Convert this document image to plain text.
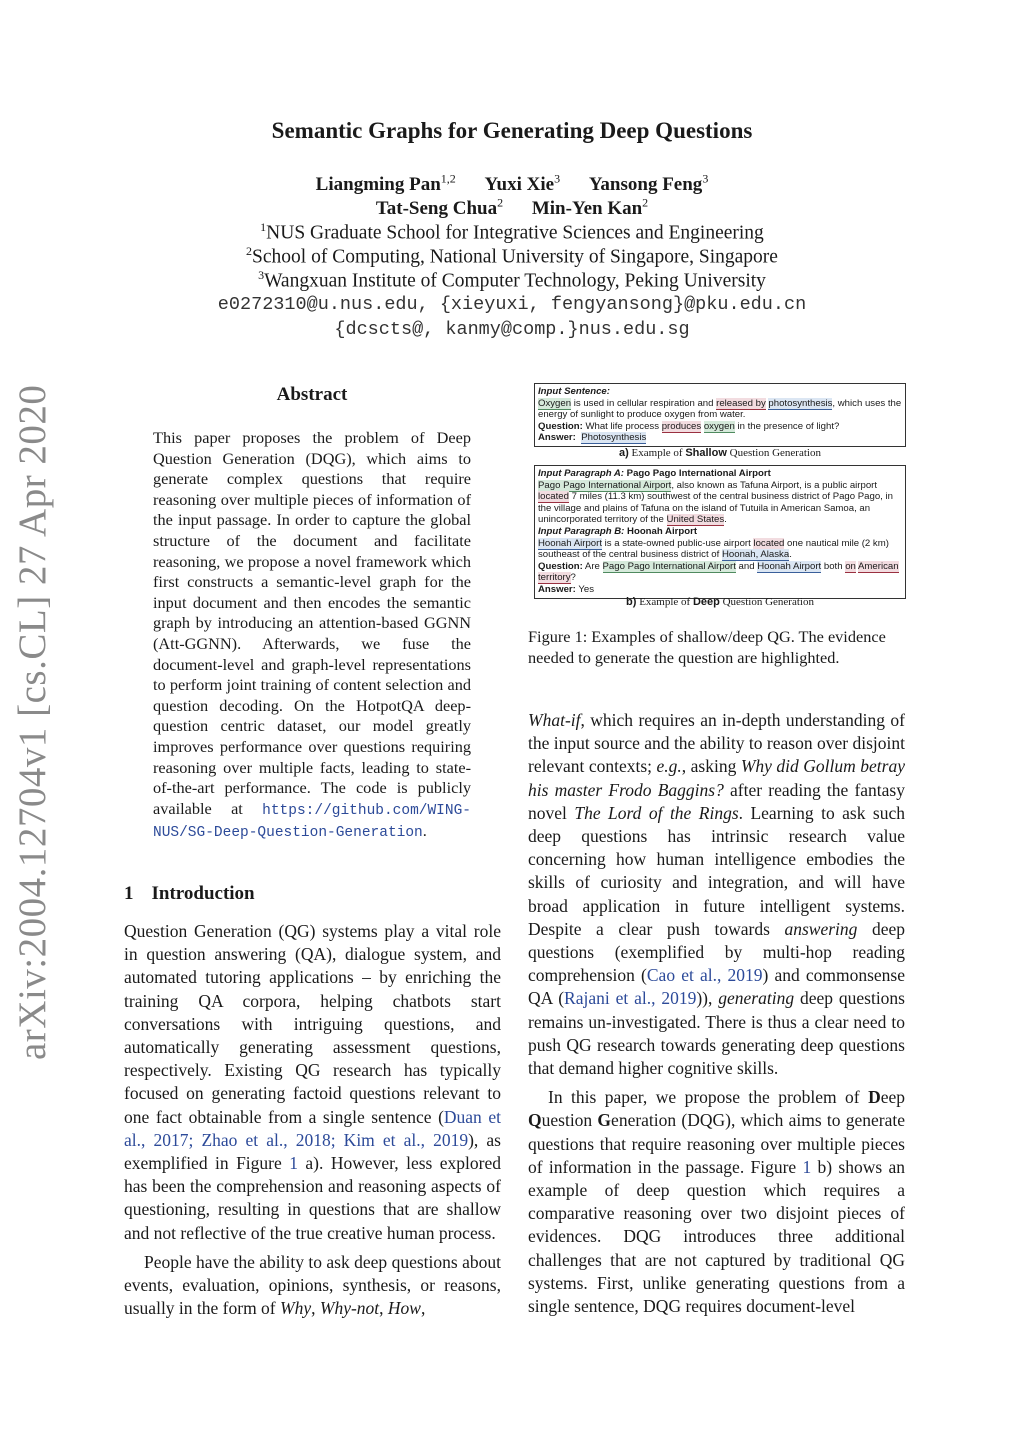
Semantic Graphs for Generating Deep Questions
Liangming Pan$^{1,2}$ Yuxi Xie$^3$ Yansong Feng$^3$
Tat-Seng Chua$^2$ Min-Yen Kan$^2$
$^1$NUS Graduate School for Integrative Sciences and Engineering
$^2$School of Computing, National University of Singapore, Singapore
$^3$Wangxuan Institute of Computer Technology, Peking University
e0272310@u.nus.edu, {xieyuxi, fengyansong}@pku.edu.cn
{dcscts@, kanmy@comp.}nus.edu.sg
arXiv:2004.12704v1 [cs.CL] 27 Apr 2020	Abstract

This paper proposes the problem of Deep Question Generation (DQG), which aims to generate complex questions that require reasoning over multiple pieces of information of the input passage. In order to capture the global structure of the document and facilitate reasoning, we propose a novel framework which first constructs a semantic-level graph for the input document and then encodes the semantic graph by introducing an attention-based GGNN (Att-GGNN). Afterwards, we fuse the document-level and graph-level representations to perform joint training of content selection and question decoding. On the HotpotQA deep-question centric dataset, our model greatly improves performance over questions requiring reasoning over multiple facts, leading to state-of-the-art performance. The code is publicly available at https://github.com/WING-NUS/SG-Deep-Question-Generation.

1 Introduction

Question Generation (QG) systems play a vital role in question answering (QA), dialogue system, and automated tutoring applications – by enriching the training QA corpora, helping chatbots start conversations with intriguing questions, and automatically generating assessment questions, respectively. Existing QG research has typically focused on generating factoid questions relevant to one fact obtainable from a single sentence (Duan et al., 2017; Zhao et al., 2018; Kim et al., 2019), as exemplified in Figure 1 a). However, less explored has been the comprehension and reasoning aspects of questioning, resulting in questions that are shallow and not reflective of the true creative human process.

People have the ability to ask deep questions about events, evaluation, opinions, synthesis, or reasons, usually in the form of Why, Why-not, How,

Input Sentence:
Oxygen is used in cellular respiration and released by photosynthesis, which uses the energy of sunlight to produce oxygen from water.
Question: What life process produces oxygen in the presence of light?
Answer: Photosynthesis
a) Example of Shallow Question Generation
Input Paragraph A: Pago Pago International Airport
Pago Pago International Airport, also known as Tafuna Airport, is a public airport located 7 miles (11.3 km) southwest of the central business district of Pago Pago, in the village and plains of Tafuna on the island of Tutuila in American Samoa, an unincorporated territory of the United States.
Input Paragraph B: Hoonah Airport
Hoonah Airport is a state-owned public-use airport located one nautical mile (2 km) southeast of the central business district of Hoonah, Alaska.
Question: Are Pago Pago International Airport and Hoonah Airport both on American territory?
Answer: Yes
b) Example of Deep Question Generation
Figure 1: Examples of shallow/deep QG. The evidence needed to generate the question are highlighted.

What-if, which requires an in-depth understanding of the input source and the ability to reason over disjoint relevant contexts; e.g., asking Why did Gollum betray his master Frodo Baggins? after reading the fantasy novel The Lord of the Rings. Learning to ask such deep questions has intrinsic research value concerning how human intelligence embodies the skills of curiosity and integration, and will have broad application in future intelligent systems. Despite a clear push towards answering deep questions (exemplified by multi-hop reading comprehension (Cao et al., 2019) and commonsense QA (Rajani et al., 2019)), generating deep questions remains un-investigated. There is thus a clear need to push QG research towards generating deep questions that demand higher cognitive skills.

In this paper, we propose the problem of Deep Question Generation (DQG), which aims to generate questions that require reasoning over multiple pieces of information in the passage. Figure 1 b) shows an example of deep question which requires a comparative reasoning over two disjoint pieces of evidences. DQG introduces three additional challenges that are not captured by traditional QG systems. First, unlike generating questions from a single sentence, DQG requires document-level
